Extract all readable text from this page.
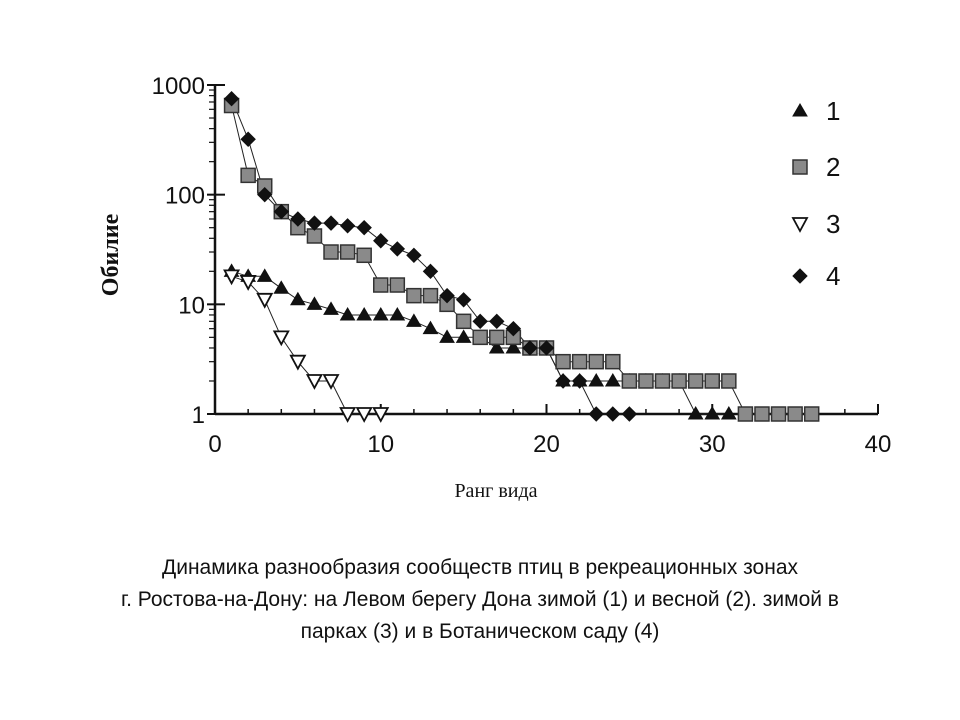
0	10	20	30	40
1
10
100
1000
1
2
3
4
Обилие
Ранг вида
Динамика разнообразия сообществ птиц в рекреационных зонах
г. Ростова-на-Дону: на Левом берегу Дона зимой (1) и весной (2). зимой в
парках (3) и в Ботаническом саду (4)
